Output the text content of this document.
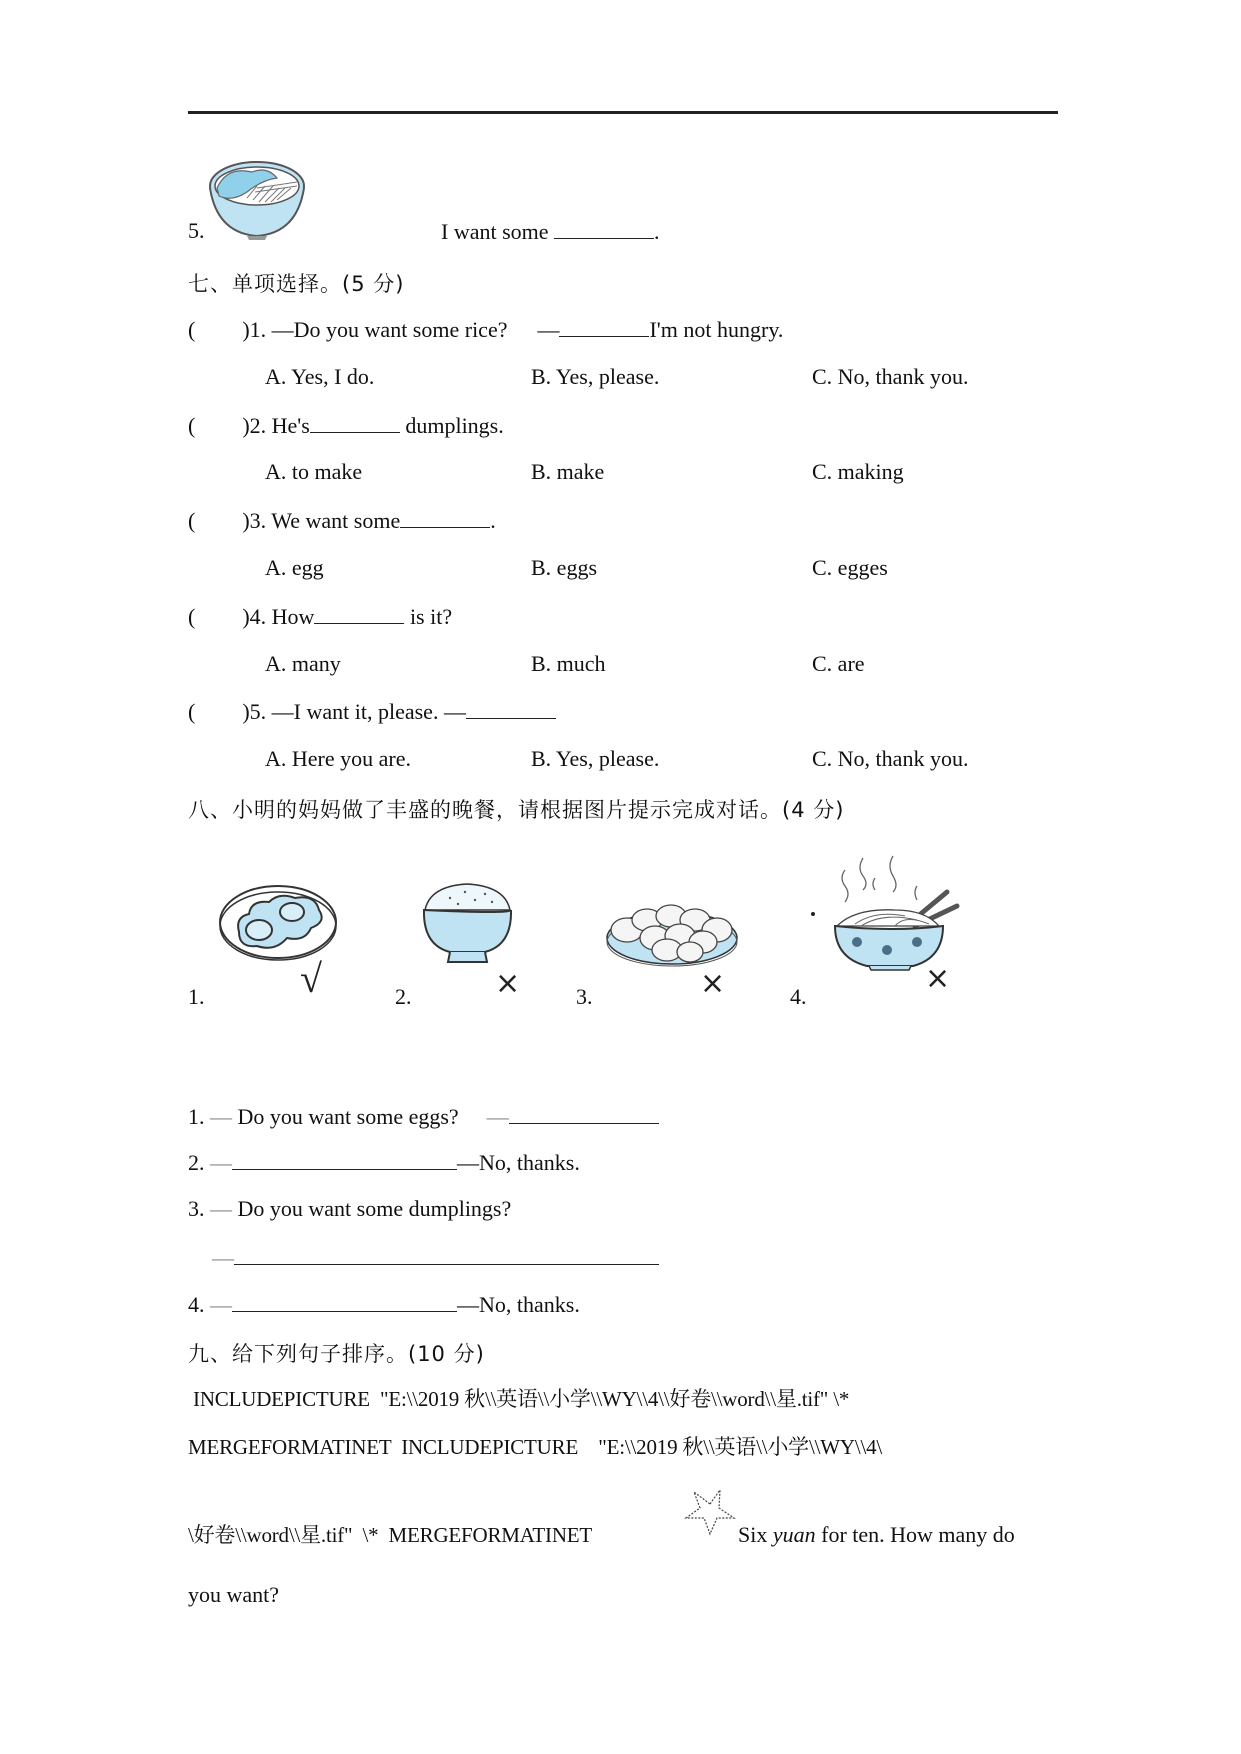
5.	I want some	.
七、单项选择。(5 分)
( )1. —Do you want some rice? —	I'm not hungry.
A. Yes, I do.	B. Yes, please.	C. No, thank you.
( )2. He's	dumplings.
A. to make	B. make	C. making
( )3. We want some	.
A. egg	B. eggs	C. egges
( )4. How	is it?
A. many	B. much	C. are
( )5. —I want it, please. —
A. Here you are.	B. Yes, please.	C. No, thank you.
八、小明的妈妈做了丰盛的晚餐，请根据图片提示完成对话。(4 分)
1. √	2.	×	3.	×	4.
×
1. — Do you want some eggs? —
2. —	—No, thanks.
3. — Do you want some dumplings?
—
4. —	—No, thanks.
九、给下列句子排序。(10 分)
INCLUDEPICTURE  "E:\\2019 秋\\英语\\小学\\WY\\4\\好卷\\word\\星.tif" \*
MERGEFORMATINET  INCLUDEPICTURE    "E:\\2019 秋\\英语\\小学\\WY\\4\
\好卷\\word\\星.tif"  \*  MERGEFORMATINET	Six yuan for ten. How many do
you want?
